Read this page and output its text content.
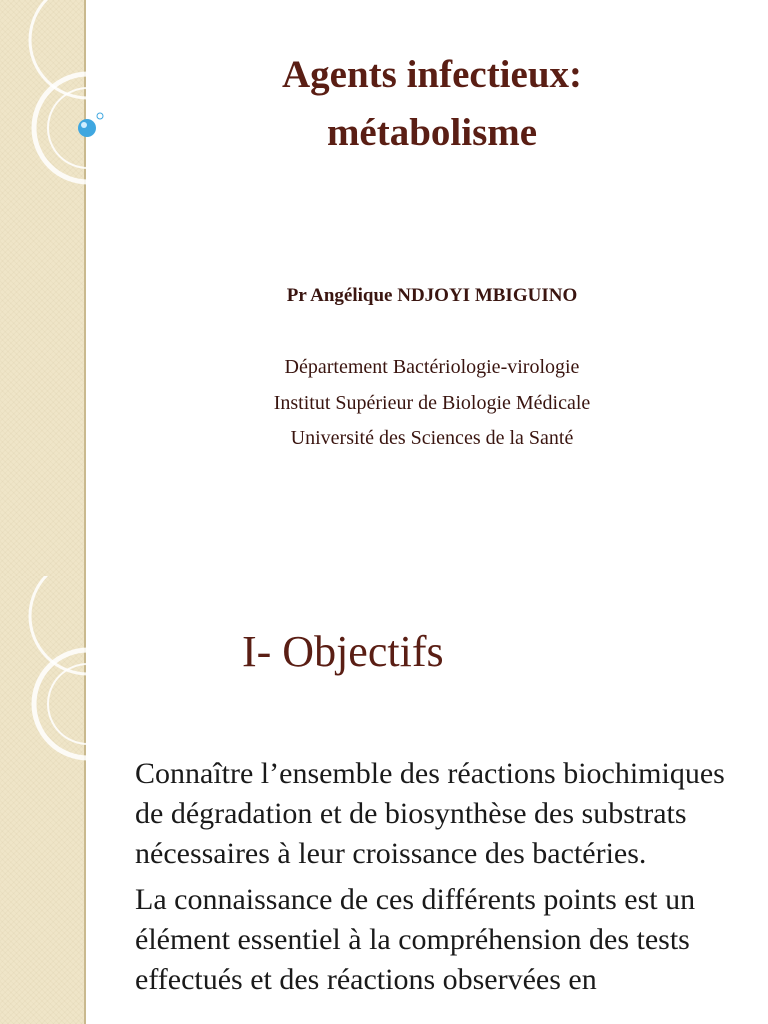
Agents infectieux:
métabolisme
Pr Angélique NDJOYI MBIGUINO
Département Bactériologie-virologie
Institut Supérieur de Biologie Médicale
Université des Sciences de la Santé
I- Objectifs

Connaître l’ensemble des réactions biochimiques de dégradation et de biosynthèse des substrats nécessaires à leur croissance des bactéries.

La connaissance de ces différents points est un élément essentiel à la compréhension des tests effectués et des réactions observées en
